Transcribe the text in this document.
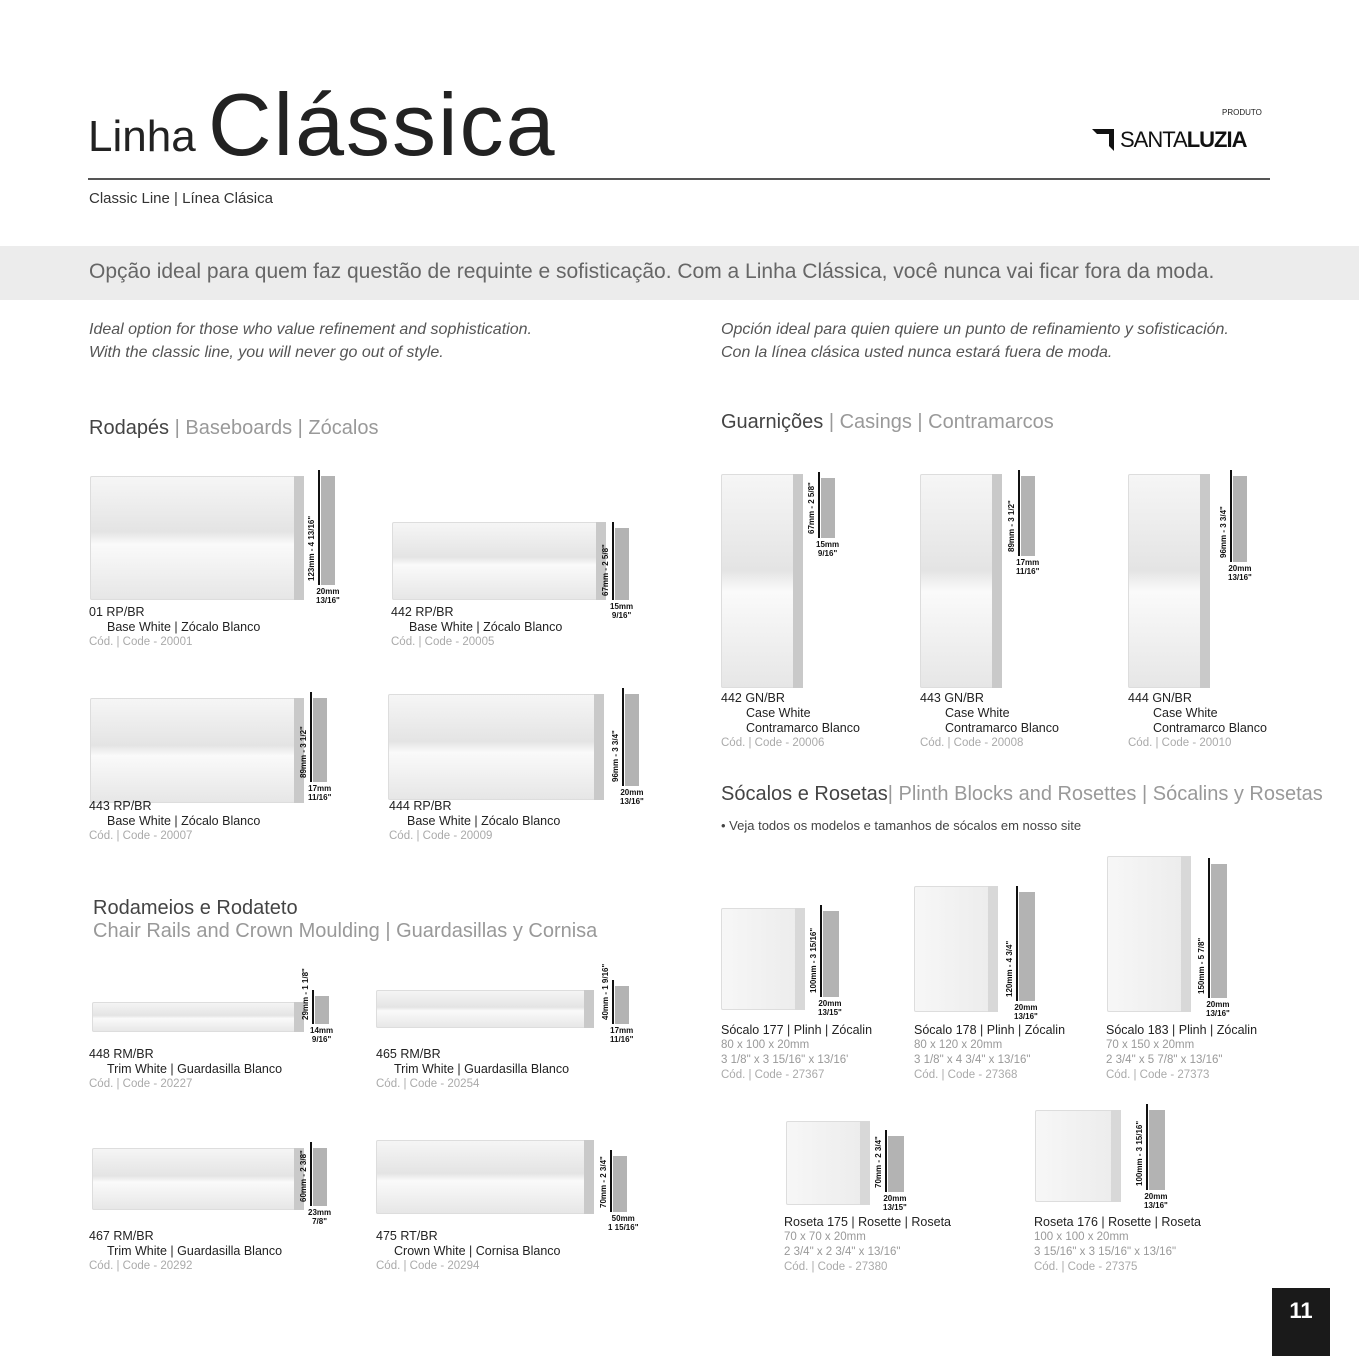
Linha Clássica	PRODUTO
SANTALUZIA
Classic Line | Línea Clásica
Opção ideal para quem faz questão de requinte e sofisticação. Com a Linha Clássica, você nunca vai ficar fora da moda.
Ideal option for those who value refinement and sophistication.
With the classic line, you will never go out of style.
Opción ideal para quien quiere un punto de refinamiento y sofisticación.
Con la línea clásica usted nunca estará fuera de moda.
Rodapés | Baseboards | Zócalos
Rodameios e Rodateto
Chair Rails and Crown Moulding | Guardasillas y Cornisa
Guarnições | Casings | Contramarcos
Sócalos e Rosetas| Plinth Blocks and Rosettes | Sócalins y Rosetas
• Veja todos os modelos e tamanhos de sócalos em nosso site
123mm - 4 13/16"
20mm
13/16"
01 RP/BR
Base White | Zócalo Blanco
Cód. | Code - 20001
67mm - 2 5/8"
15mm
9/16"
442 RP/BR
Base White | Zócalo Blanco
Cód. | Code - 20005
89mm - 3 1/2"
17mm
11/16"
443 RP/BR
Base White | Zócalo Blanco
Cód. | Code - 20007
96mm - 3 3/4"
20mm
13/16"
444 RP/BR
Base White | Zócalo Blanco
Cód. | Code - 20009
29mm - 1 1/8"
14mm
9/16"
448 RM/BR
Trim White | Guardasilla Blanco
Cód. | Code - 20227
40mm - 1 9/16"
17mm
11/16"
465 RM/BR
Trim White | Guardasilla Blanco
Cód. | Code - 20254
60mm - 2 3/8"
23mm
7/8"
467 RM/BR
Trim White | Guardasilla Blanco
Cód. | Code - 20292
70mm - 2 3/4"
50mm
1 15/16"
475 RT/BR
Crown White | Cornisa Blanco
Cód. | Code - 20294
67mm - 2 5/8"
15mm
9/16"
442 GN/BR
Case White
Contramarco Blanco
Cód. | Code - 20006
89mm - 3 1/2"
17mm
11/16"
443 GN/BR
Case White
Contramarco Blanco
Cód. | Code - 20008
96mm - 3 3/4"
20mm
13/16"
444 GN/BR
Case White
Contramarco Blanco
Cód. | Code - 20010
100mm - 3 15/16"
20mm
13/15"
Sócalo 177 | Plinh | Zócalin
80 x 100 x 20mm
3 1/8" x 3 15/16" x 13/16'
Cód. | Code - 27367
120mm - 4 3/4"
20mm
13/16"
Sócalo 178 | Plinh | Zócalin
80 x 120 x 20mm
3 1/8" x 4 3/4" x 13/16"
Cód. | Code - 27368
150mm - 5 7/8"
20mm
13/16"
Sócalo 183 | Plinh | Zócalin
70 x 150 x 20mm
2 3/4" x 5 7/8" x 13/16"
Cód. | Code - 27373
70mm - 2 3/4"
20mm
13/15"
Roseta 175 | Rosette | Roseta
70 x 70 x 20mm
2 3/4" x 2 3/4" x 13/16"
Cód. | Code - 27380
100mm - 3 15/16"
20mm
13/16"
Roseta 176 | Rosette | Roseta
100 x 100 x 20mm
3 15/16" x 3 15/16" x 13/16"
Cód. | Code - 27375
11
